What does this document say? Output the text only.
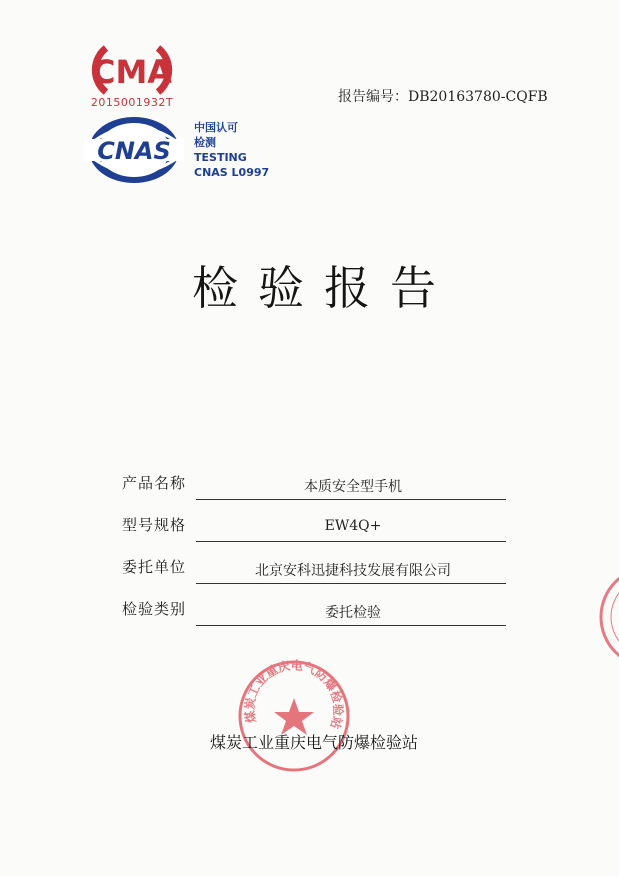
CMA
2015001932T
CNAS
中国认可
检测
TESTING
CNAS L0997
报告编号：DB20163780-CQFB
检验报告
产品名称	本质安全型手机
型号规格	EW4Q+
委托单位	北京安科迅捷科技发展有限公司
检验类别	委托检验
煤炭工业重庆电气防爆检验站
煤炭工业重庆电气防爆检验站
